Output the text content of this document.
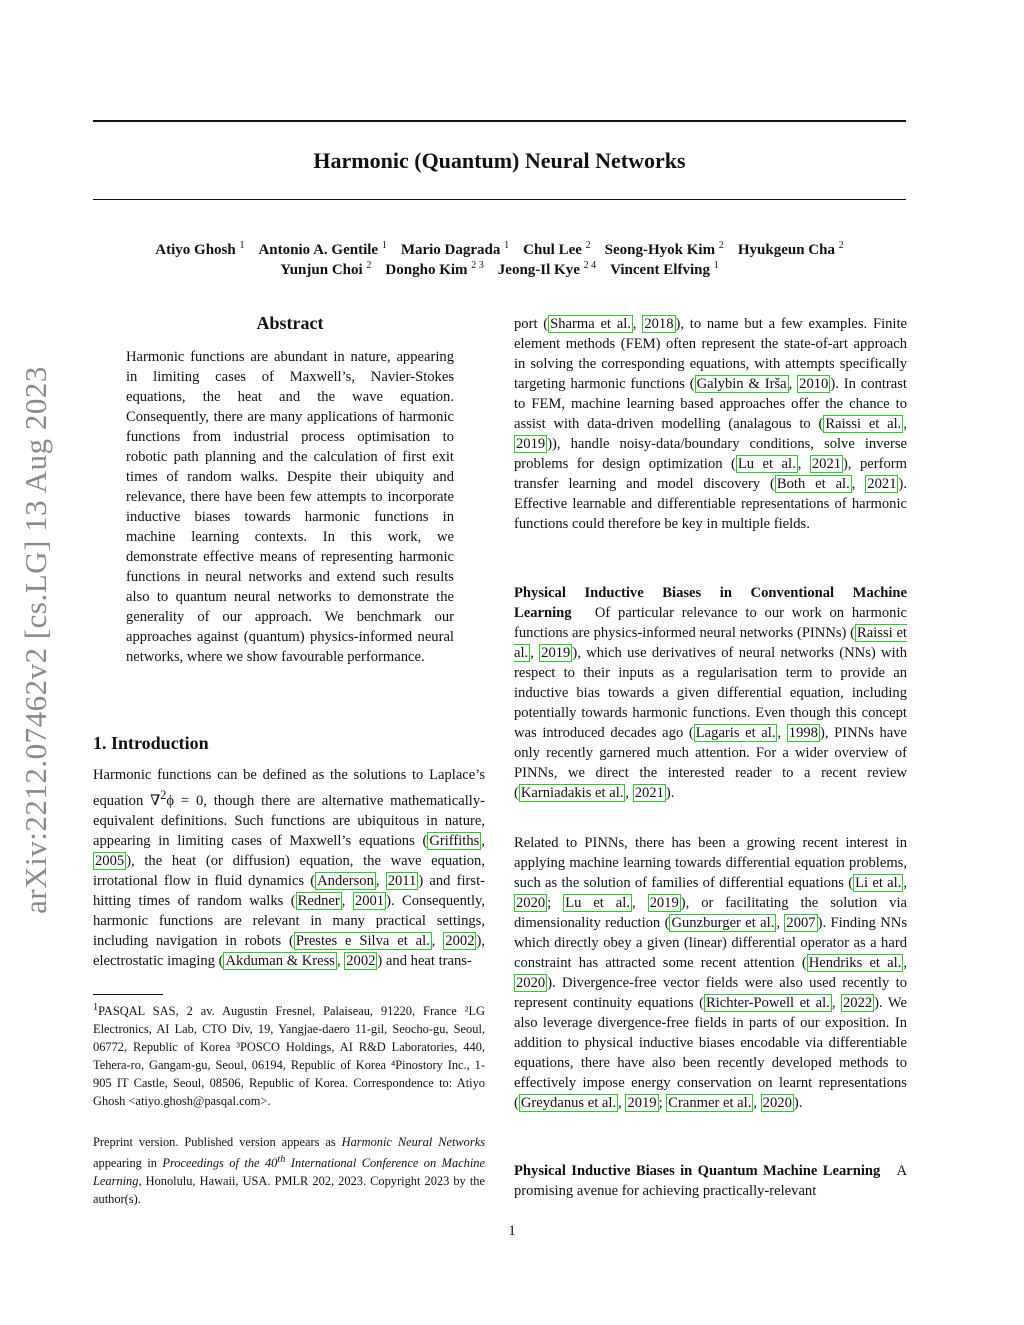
Harmonic (Quantum) Neural Networks

Atiyo Ghosh $^1$ Antonio A. Gentile $^1$ Mario Dagrada $^1$ Chul Lee $^2$ Seong-Hyok Kim $^2$ Hyukgeun Cha $^2$

Yunjun Choi $^2$ Dongho Kim $^{2 3}$ Jeong-Il Kye $^{2 4}$ Vincent Elfving $^1$

arXiv:2212.07462v2 [cs.LG] 13 Aug 2023
Abstract

Harmonic functions are abundant in nature, appearing in limiting cases of Maxwell’s, Navier-Stokes equations, the heat and the wave equation. Consequently, there are many applications of harmonic functions from industrial process optimisation to robotic path planning and the calculation of first exit times of random walks. Despite their ubiquity and relevance, there have been few attempts to incorporate inductive biases towards harmonic functions in machine learning contexts. In this work, we demonstrate effective means of representing harmonic functions in neural networks and extend such results also to quantum neural networks to demonstrate the generality of our approach. We benchmark our approaches against (quantum) physics-informed neural networks, where we show favourable performance.

1. Introduction

Harmonic functions can be defined as the solutions to Laplace’s equation ∇$^2$ϕ = 0, though there are alternative mathematically-equivalent definitions. Such functions are ubiquitous in nature, appearing in limiting cases of Maxwell’s equations ( Griffiths , 2005 ), the heat (or diffusion) equation, the wave equation, irrotational flow in fluid dynamics ( Anderson , 2011 ) and first-hitting times of random walks ( Redner , 2001 ). Consequently, harmonic functions are relevant in many practical settings, including navigation in robots ( Prestes e Silva et al. , 2002 ), electrostatic imaging ( Akduman & Kress , 2002 ) and heat trans-

$^1$PASQAL SAS, 2 av. Augustin Fresnel, Palaiseau, 91220, France ²LG Electronics, AI Lab, CTO Div, 19, Yangjae-daero 11-gil, Seocho-gu, Seoul, 06772, Republic of Korea ³POSCO Holdings, AI R&D Laboratories, 440, Tehera-ro, Gangam-gu, Seoul, 06194, Republic of Korea ⁴Pinostory Inc., 1-905 IT Castle, Seoul, 08506, Republic of Korea. Correspondence to: Atiyo Ghosh <atiyo.ghosh@pasqal.com>.

Preprint version. Published version appears as Harmonic Neural Networks appearing in Proceedings of the 40th International Conference on Machine Learning, Honolulu, Hawaii, USA. PMLR 202, 2023. Copyright 2023 by the author(s).

port ( Sharma et al. , 2018 ), to name but a few examples. Finite element methods (FEM) often represent the state-of-art approach in solving the corresponding equations, with attempts specifically targeting harmonic functions ( Galybin & Irša , 2010 ). In contrast to FEM, machine learning based approaches offer the chance to assist with data-driven modelling (analagous to ( Raissi et al. , 2019 )), handle noisy-data/boundary conditions, solve inverse problems for design optimization ( Lu et al. , 2021 ), perform transfer learning and model discovery ( Both et al. , 2021 ). Effective learnable and differentiable representations of harmonic functions could therefore be key in multiple fields.

Physical Inductive Biases in Conventional Machine Learning Of particular relevance to our work on harmonic functions are physics-informed neural networks (PINNs) ( Raissi et al. , 2019 ), which use derivatives of neural networks (NNs) with respect to their inputs as a regularisation term to provide an inductive bias towards a given differential equation, including potentially towards harmonic functions. Even though this concept was introduced decades ago ( Lagaris et al. , 1998 ), PINNs have only recently garnered much attention. For a wider overview of PINNs, we direct the interested reader to a recent review ( Karniadakis et al. , 2021 ).

Related to PINNs, there has been a growing recent interest in applying machine learning towards differential equation problems, such as the solution of families of differential equations ( Li et al. , 2020 ; Lu et al. , 2019 ), or facilitating the solution via dimensionality reduction ( Gunzburger et al. , 2007 ). Finding NNs which directly obey a given (linear) differential operator as a hard constraint has attracted some recent attention ( Hendriks et al. , 2020 ). Divergence-free vector fields were also used recently to represent continuity equations ( Richter-Powell et al. , 2022 ). We also leverage divergence-free fields in parts of our exposition. In addition to physical inductive biases encodable via differentiable equations, there have also been recently developed methods to effectively impose energy conservation on learnt representations ( Greydanus et al. , 2019 ; Cranmer et al. , 2020 ).

Physical Inductive Biases in Quantum Machine Learning A promising avenue for achieving practically-relevant

1
